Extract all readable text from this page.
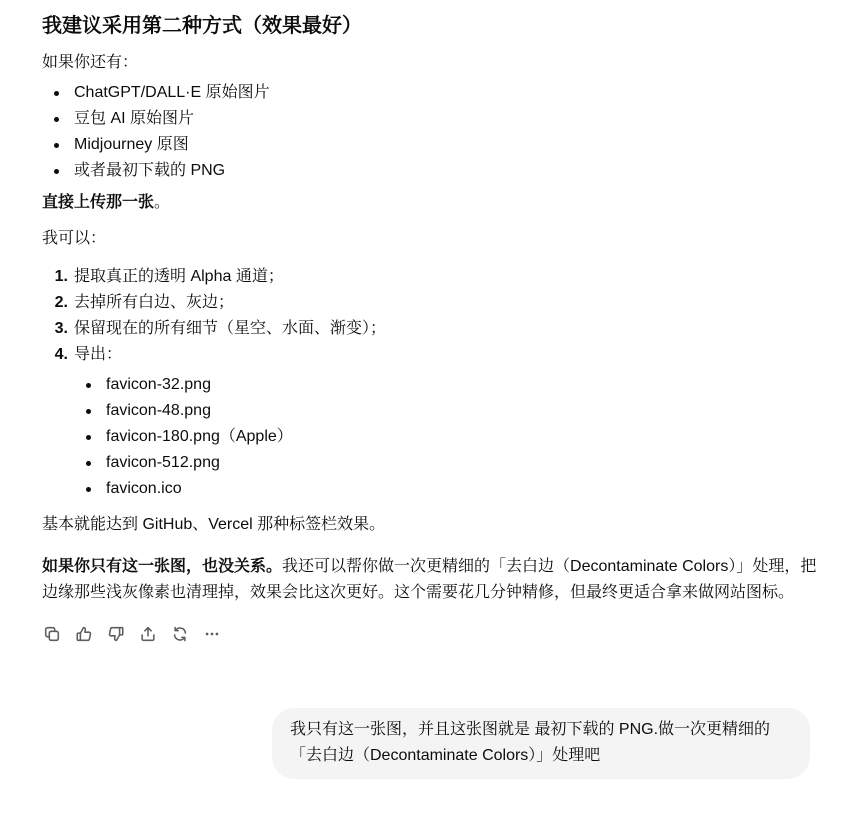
我建议采用第二种方式（效果最好）

如果你还有：

ChatGPT/DALL·E 原始图片
豆包 AI 原始图片
Midjourney 原图
或者最初下载的 PNG

直接上传那一张。

我可以：

1. 提取真正的透明 Alpha 通道；
2. 去掉所有白边、灰边；
3. 保留现在的所有细节（星空、水面、渐变）；
4. 导出：
favicon-32.png
favicon-48.png
favicon-180.png（Apple）
favicon-512.png
favicon.ico

基本就能达到 GitHub、Vercel 那种标签栏效果。

如果你只有这一张图，也没关系。我还可以帮你做一次更精细的「去白边（Decontaminate Colors）」处理，把边缘那些浅灰像素也清理掉，效果会比这次更好。这个需要花几分钟精修，但最终更适合拿来做网站图标。

我只有这一张图，并且这张图就是 最初下载的 PNG.做一次更精细的「去白边（Decontaminate Colors）」处理吧
